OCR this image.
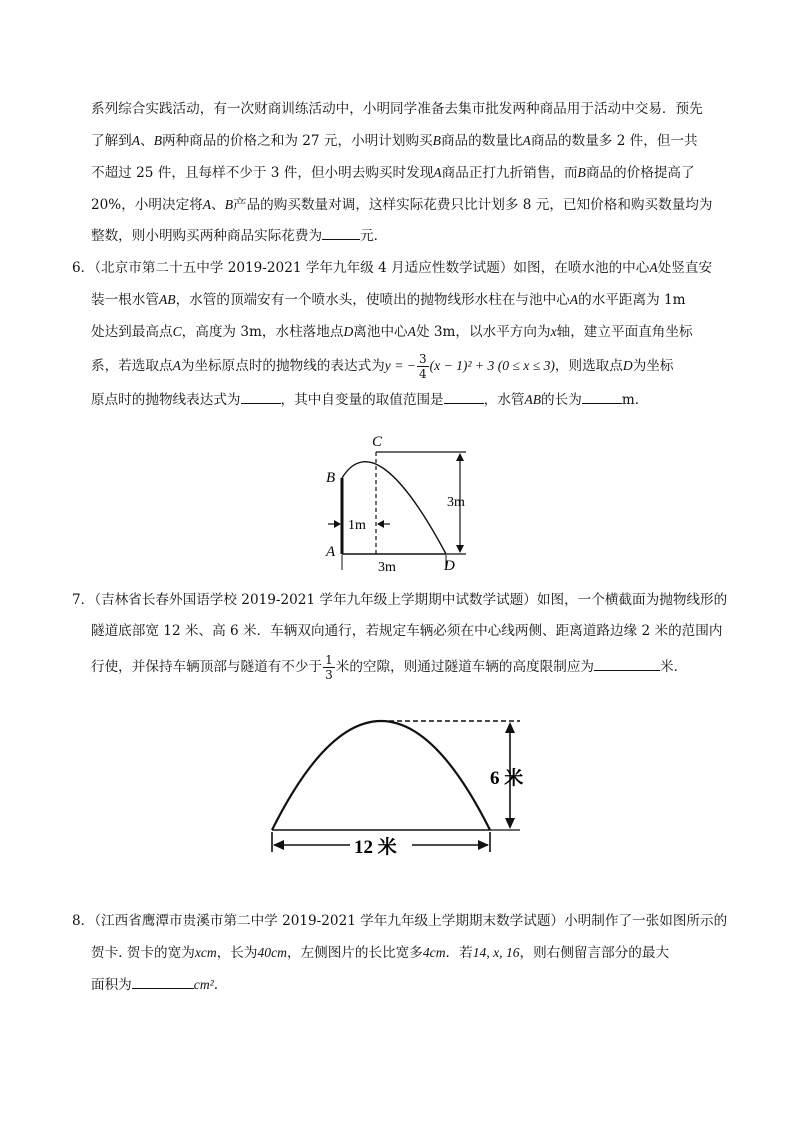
系列综合实践活动，有一次财商训练活动中，小明同学准备去集市批发两种商品用于活动中交易．预先
了解到A、B两种商品的价格之和为 27 元，小明计划购买B商品的数量比A商品的数量多 2 件，但一共
不超过 25 件，且每样不少于 3 件，但小明去购买时发现A商品正打九折销售，而B商品的价格提高了
20%，小明决定将A、B产品的购买数量对调，这样实际花费只比计划多 8 元，已知价格和购买数量均为
整数，则小明购买两种商品实际花费为	元．
6．（北京市第二十五中学 2019-2021 学年九年级 4 月适应性数学试题）如图，在喷水池的中心A处竖直安
装一根水管AB，水管的顶端安有一个喷水头，使喷出的抛物线形水柱在与池中心A的水平距离为 1m
处达到最高点C，高度为 3m，水柱落地点D离池中心A处 3m，以水平方向为x轴，建立平面直角坐标
系，若选取点A为坐标原点时的抛物线的表达式为y = − $\frac{3}{4} (x - 1)^2 + 3$ (0 ≤ x ≤ 3)，则选取点D为坐标
原点时的抛物线表达式为	，其中自变量的取值范围是	，水管AB的长为	m．
C
B
A
D
3m
1m
3m
7．（吉林省长春外国语学校 2019-2021 学年九年级上学期期中试数学试题）如图，一个横截面为抛物线形的
隧道底部宽 12 米、高 6 米．车辆双向通行，若规定车辆必须在中心线两侧、距离道路边缘 2 米的范围内
行使，并保持车辆顶部与隧道有不少于 $\frac{1}{3}$ 米的空隙，则通过隧道车辆的高度限制应为	米．
6 米
12 米
8．（江西省鹰潭市贵溪市第二中学 2019-2021 学年九年级上学期期末数学试题）小明制作了一张如图所示的
贺卡. 贺卡的宽为xcm，长为40cm，左侧图片的长比宽多4cm．若14, x, 16，则右侧留言部分的最大
面积为	cm².
